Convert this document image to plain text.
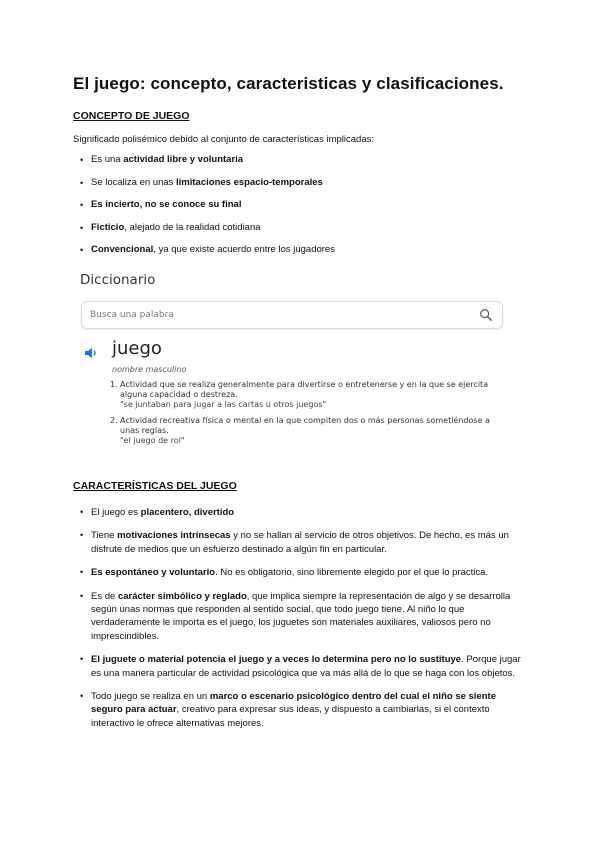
El juego: concepto, caracteristicas y clasificaciones.

CONCEPTO DE JUEGO

Significado polisémico debido al conjunto de características implicadas:

• Es una actividad libre y voluntaria
• Se localiza en unas limitaciones espacio-temporales
• Es incierto, no se conoce su final
• Ficticio, alejado de la realidad cotidiana
• Convencional, ya que existe acuerdo entre los jugadores

Diccionario

Busca una palabra

juego

nombre masculino

1. Actividad que se realiza generalmente para divertirse o entretenerse y en la que se ejercita alguna capacidad o destreza.

"se juntaban para jugar a las cartas u otros juegos"

2. Actividad recreativa física o mental en la que compiten dos o más personas sometiéndose a unas reglas.

"el juego de rol"

CARACTERÍSTICAS DEL JUEGO

• El juego es placentero, divertido
• Tiene motivaciones intrínsecas y no se hallan al servicio de otros objetivos. De hecho, es más un disfrute de medios que un esfuerzo destinado a algún fin en particular.
• Es espontáneo y voluntario. No es obligatorio, sino libremente elegido por el que lo practica.
• Es de carácter simbólico y reglado, que implica siempre la representación de algo y se desarrolla según unas normas que responden al sentido social, que todo juego tiene. Al niño lo que verdaderamente le importa es el juego, los juguetes son materiales auxiliares, valiosos pero no imprescindibles.
• El juguete o material potencia el juego y a veces lo determina pero no lo sustituye. Porque jugar es una manera particular de actividad psicológica que va más allá de lo que se haga con los objetos.
• Todo juego se realiza en un marco o escenario psicológico dentro del cual el niño se siente seguro para actuar, creativo para expresar sus ideas, y dispuesto a cambiarlas, si el contexto interactivo le ofrece alternativas mejores.
